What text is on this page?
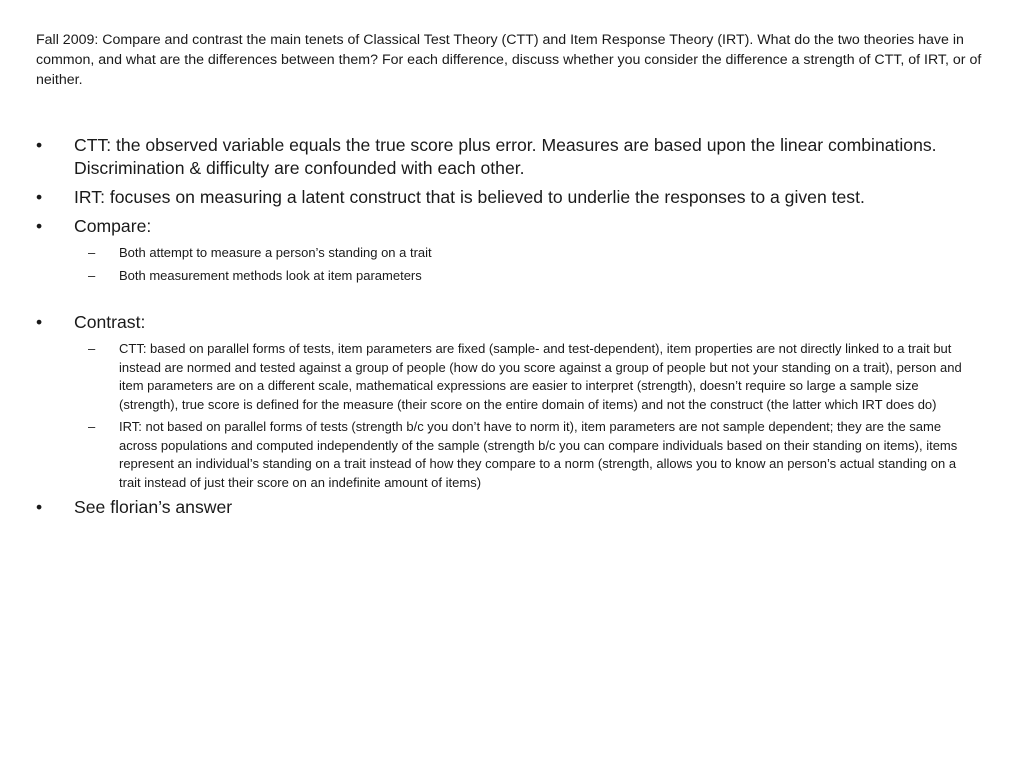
Fall 2009: Compare and contrast the main tenets of Classical Test Theory (CTT) and Item Response Theory (IRT). What do the two theories have in common, and what are the differences between them? For each difference, discuss whether you consider the difference a strength of CTT, of IRT, or of neither.
•	CTT: the observed variable equals the true score plus error. Measures are based upon the linear combinations. Discrimination & difficulty are confounded with each other.
•	IRT: focuses on measuring a latent construct that is believed to underlie the responses to a given test.
•	Compare:
– Both attempt to measure a person’s standing on a trait
– Both measurement methods look at item parameters
•	Contrast:
– CTT: based on parallel forms of tests, item parameters are fixed (sample- and test-dependent), item properties are not directly linked to a trait but instead are normed and tested against a group of people (how do you score against a group of people but not your standing on a trait), person and item parameters are on a different scale, mathematical expressions are easier to interpret (strength), doesn’t require so large a sample size (strength), true score is defined for the measure (their score on the entire domain of items) and not the construct (the latter which IRT does do)
– IRT: not based on parallel forms of tests (strength b/c you don’t have to norm it), item parameters are not sample dependent; they are the same across populations and computed independently of the sample (strength b/c you can compare individuals based on their standing on items), items represent an individual’s standing on a trait instead of how they compare to a norm (strength, allows you to know an person’s actual standing on a trait instead of just their score on an indefinite amount of items)
•	See florian’s answer
